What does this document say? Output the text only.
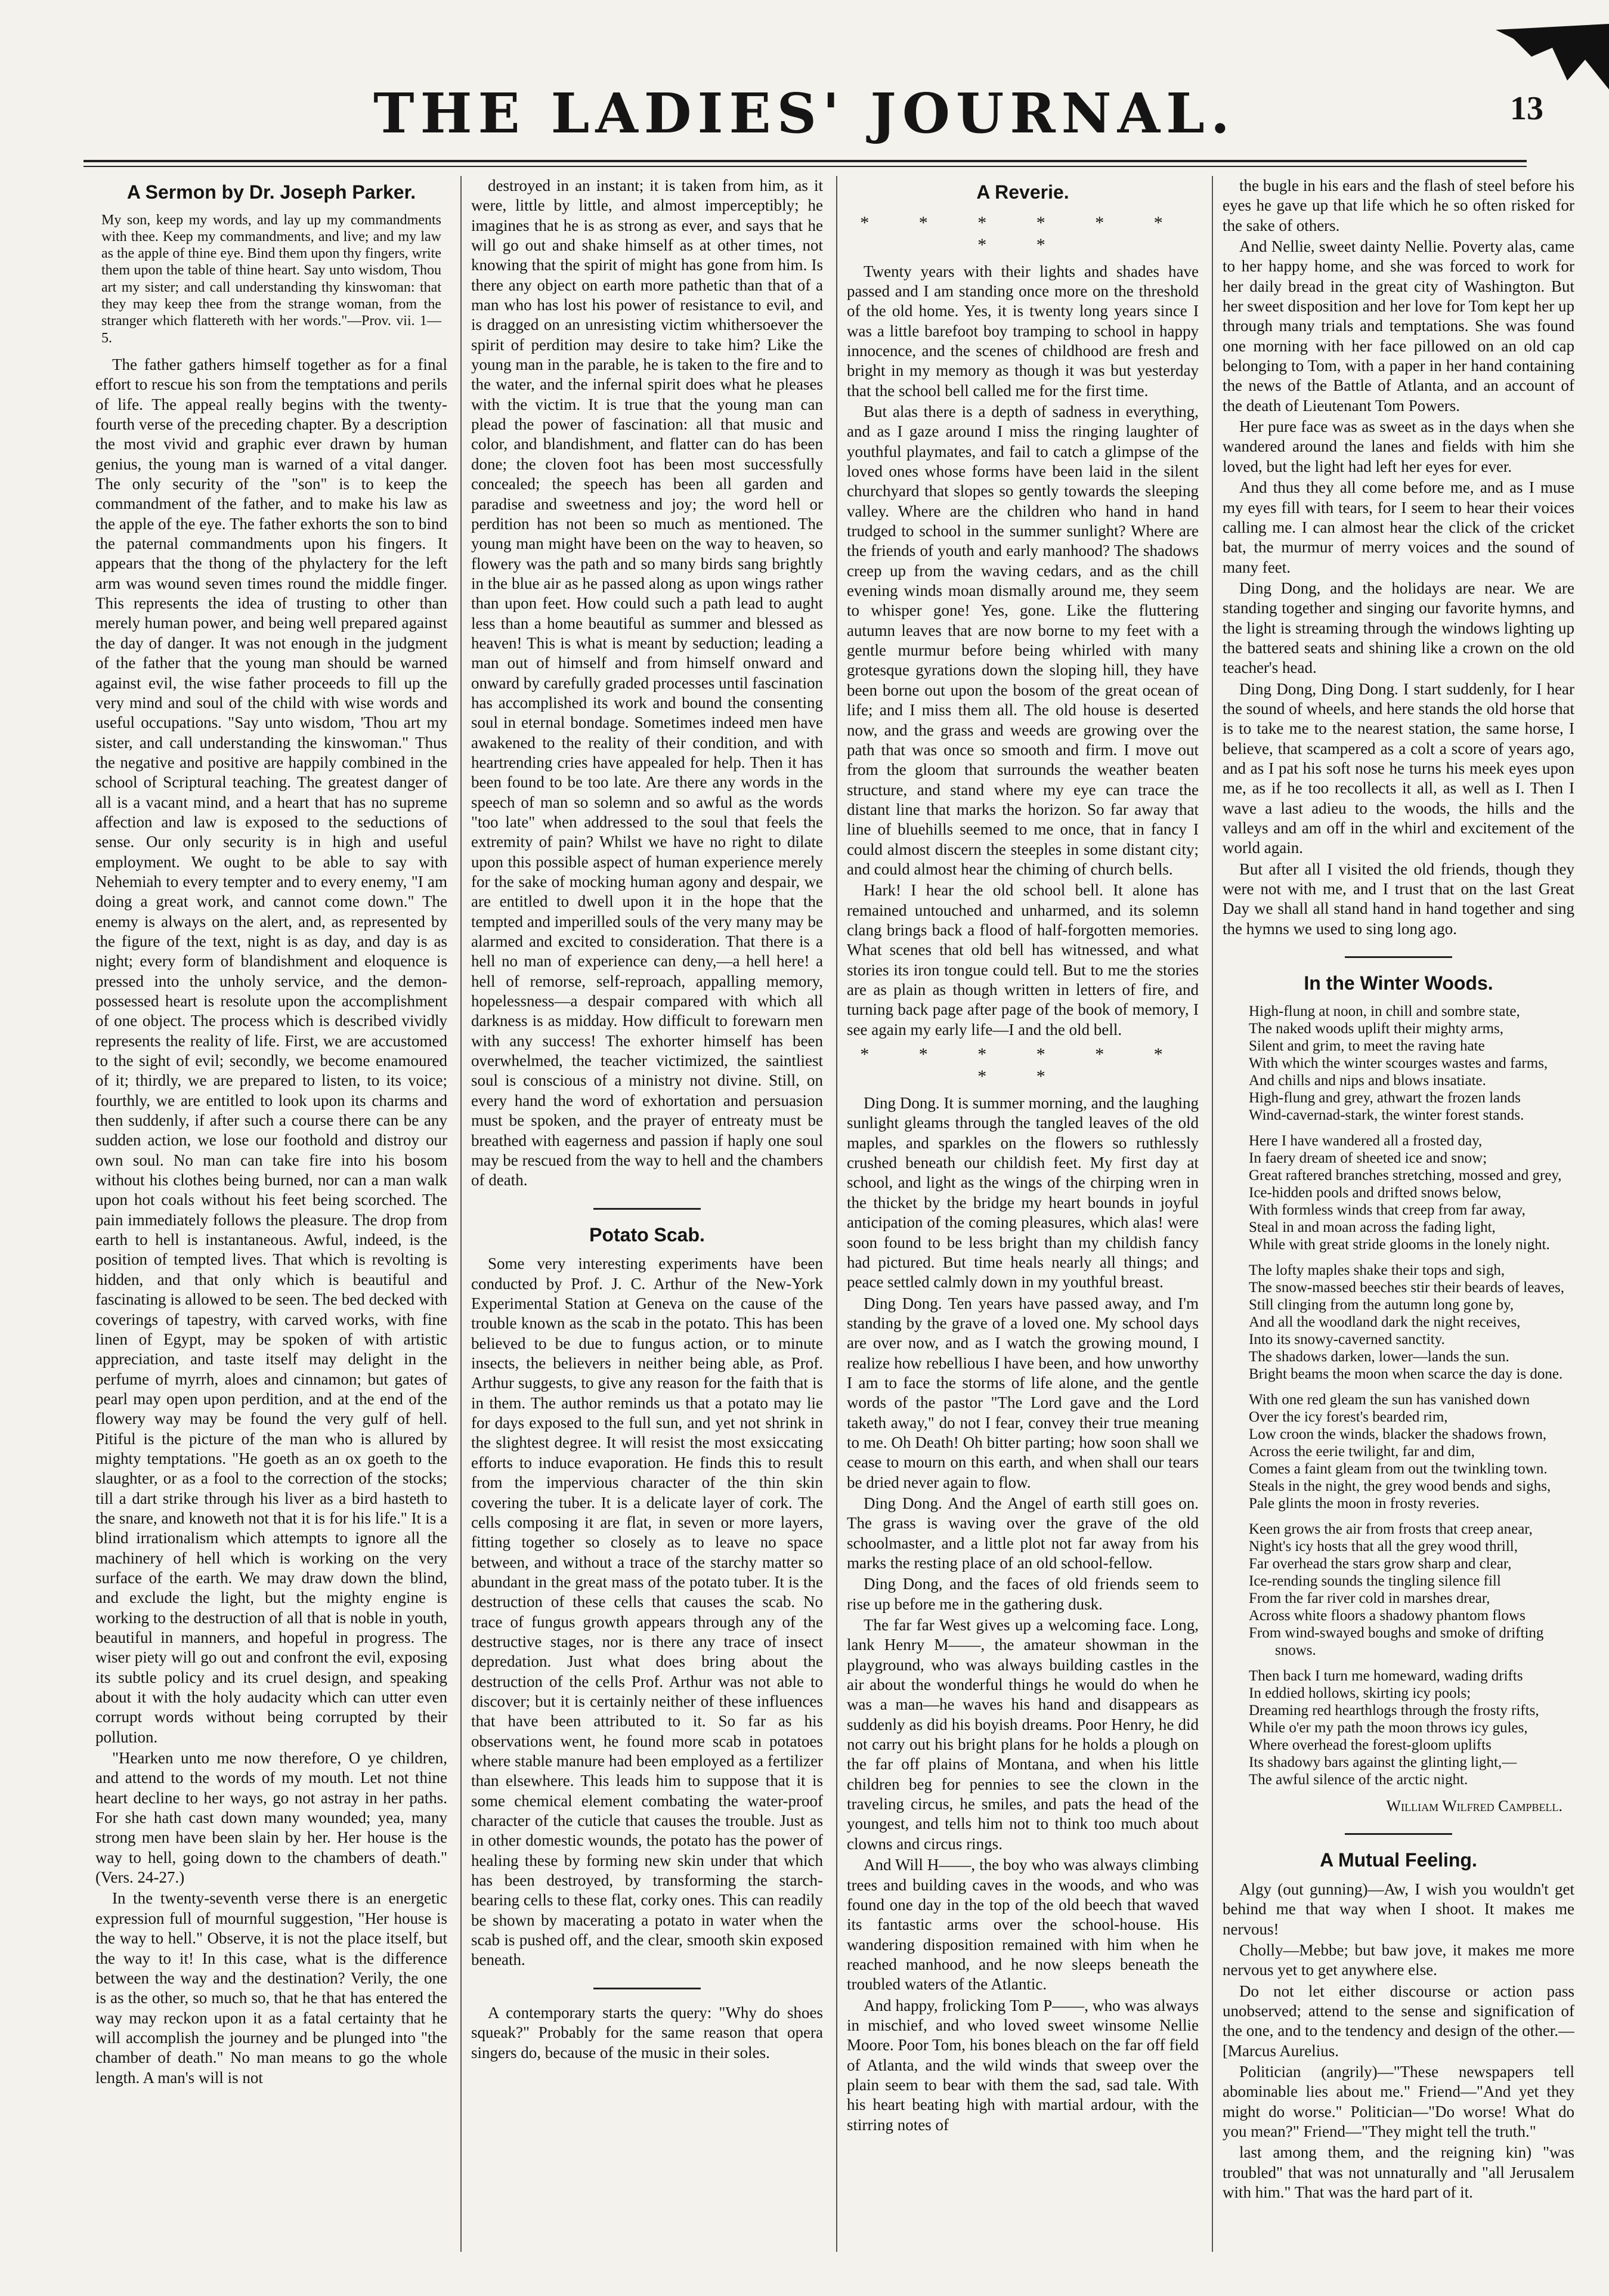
THE LADIES' JOURNAL.	13
A Sermon by Dr. Joseph Parker.

My son, keep my words, and lay up my commandments with thee. Keep my commandments, and live; and my law as the apple of thine eye. Bind them upon thy fingers, write them upon the table of thine heart. Say unto wisdom, Thou art my sister; and call understanding thy kinswoman: that they may keep thee from the strange woman, from the stranger which flattereth with her words."—Prov. vii. 1—5.

The father gathers himself together as for a final effort to rescue his son from the temptations and perils of life. The appeal really begins with the twenty-fourth verse of the preceding chapter. By a description the most vivid and graphic ever drawn by human genius, the young man is warned of a vital danger. The only security of the "son" is to keep the commandment of the father, and to make his law as the apple of the eye. The father exhorts the son to bind the paternal commandments upon his fingers. It appears that the thong of the phylactery for the left arm was wound seven times round the middle finger. This represents the idea of trusting to other than merely human power, and being well prepared against the day of danger. It was not enough in the judgment of the father that the young man should be warned against evil, the wise father proceeds to fill up the very mind and soul of the child with wise words and useful occupations. "Say unto wisdom, 'Thou art my sister, and call understanding the kinswoman." Thus the negative and positive are happily combined in the school of Scriptural teaching. The greatest danger of all is a vacant mind, and a heart that has no supreme affection and law is exposed to the seductions of sense. Our only security is in high and useful employment. We ought to be able to say with Nehemiah to every tempter and to every enemy, "I am doing a great work, and cannot come down." The enemy is always on the alert, and, as represented by the figure of the text, night is as day, and day is as night; every form of blandishment and eloquence is pressed into the unholy service, and the demon-possessed heart is resolute upon the accomplishment of one object. The process which is described vividly represents the reality of life. First, we are accustomed to the sight of evil; secondly, we become enamoured of it; thirdly, we are prepared to listen, to its voice; fourthly, we are entitled to look upon its charms and then suddenly, if after such a course there can be any sudden action, we lose our foothold and distroy our own soul. No man can take fire into his bosom without his clothes being burned, nor can a man walk upon hot coals without his feet being scorched. The pain immediately follows the pleasure. The drop from earth to hell is instantaneous. Awful, indeed, is the position of tempted lives. That which is revolting is hidden, and that only which is beautiful and fascinating is allowed to be seen. The bed decked with coverings of tapestry, with carved works, with fine linen of Egypt, may be spoken of with artistic appreciation, and taste itself may delight in the perfume of myrrh, aloes and cinnamon; but gates of pearl may open upon perdition, and at the end of the flowery way may be found the very gulf of hell. Pitiful is the picture of the man who is allured by mighty temptations. "He goeth as an ox goeth to the slaughter, or as a fool to the correction of the stocks; till a dart strike through his liver as a bird hasteth to the snare, and knoweth not that it is for his life." It is a blind irrationalism which attempts to ignore all the machinery of hell which is working on the very surface of the earth. We may draw down the blind, and exclude the light, but the mighty engine is working to the destruction of all that is noble in youth, beautiful in manners, and hopeful in progress. The wiser piety will go out and confront the evil, exposing its subtle policy and its cruel design, and speaking about it with the holy audacity which can utter even corrupt words without being corrupted by their pollution.

"Hearken unto me now therefore, O ye children, and attend to the words of my mouth. Let not thine heart decline to her ways, go not astray in her paths. For she hath cast down many wounded; yea, many strong men have been slain by her. Her house is the way to hell, going down to the chambers of death." (Vers. 24-27.)

In the twenty-seventh verse there is an energetic expression full of mournful suggestion, "Her house is the way to hell." Observe, it is not the place itself, but the way to it! In this case, what is the difference between the way and the destination? Verily, the one is as the other, so much so, that he that has entered the way may reckon upon it as a fatal certainty that he will accomplish the journey and be plunged into "the chamber of death." No man means to go the whole length. A man's will is not

destroyed in an instant; it is taken from him, as it were, little by little, and almost imperceptibly; he imagines that he is as strong as ever, and says that he will go out and shake himself as at other times, not knowing that the spirit of might has gone from him. Is there any object on earth more pathetic than that of a man who has lost his power of resistance to evil, and is dragged on an unresisting victim whithersoever the spirit of perdition may desire to take him? Like the young man in the parable, he is taken to the fire and to the water, and the infernal spirit does what he pleases with the victim. It is true that the young man can plead the power of fascination: all that music and color, and blandishment, and flatter can do has been done; the cloven foot has been most successfully concealed; the speech has been all garden and paradise and sweetness and joy; the word hell or perdition has not been so much as mentioned. The young man might have been on the way to heaven, so flowery was the path and so many birds sang brightly in the blue air as he passed along as upon wings rather than upon feet. How could such a path lead to aught less than a home beautiful as summer and blessed as heaven! This is what is meant by seduction; leading a man out of himself and from himself onward and onward by carefully graded processes until fascination has accomplished its work and bound the consenting soul in eternal bondage. Sometimes indeed men have awakened to the reality of their condition, and with heartrending cries have appealed for help. Then it has been found to be too late. Are there any words in the speech of man so solemn and so awful as the words "too late" when addressed to the soul that feels the extremity of pain? Whilst we have no right to dilate upon this possible aspect of human experience merely for the sake of mocking human agony and despair, we are entitled to dwell upon it in the hope that the tempted and imperilled souls of the very many may be alarmed and excited to consideration. That there is a hell no man of experience can deny,—a hell here! a hell of remorse, self-reproach, appalling memory, hopelessness—a despair compared with which all darkness is as midday. How difficult to forewarn men with any success! The exhorter himself has been overwhelmed, the teacher victimized, the saintliest soul is conscious of a ministry not divine. Still, on every hand the word of exhortation and persuasion must be spoken, and the prayer of entreaty must be breathed with eagerness and passion if haply one soul may be rescued from the way to hell and the chambers of death.

Potato Scab.

Some very interesting experiments have been conducted by Prof. J. C. Arthur of the New-York Experimental Station at Geneva on the cause of the trouble known as the scab in the potato. This has been believed to be due to fungus action, or to minute insects, the believers in neither being able, as Prof. Arthur suggests, to give any reason for the faith that is in them. The author reminds us that a potato may lie for days exposed to the full sun, and yet not shrink in the slightest degree. It will resist the most exsiccating efforts to induce evaporation. He finds this to result from the impervious character of the thin skin covering the tuber. It is a delicate layer of cork. The cells composing it are flat, in seven or more layers, fitting together so closely as to leave no space between, and without a trace of the starchy matter so abundant in the great mass of the potato tuber. It is the destruction of these cells that causes the scab. No trace of fungus growth appears through any of the destructive stages, nor is there any trace of insect depredation. Just what does bring about the destruction of the cells Prof. Arthur was not able to discover; but it is certainly neither of these influences that have been attributed to it. So far as his observations went, he found more scab in potatoes where stable manure had been employed as a fertilizer than elsewhere. This leads him to suppose that it is some chemical element combating the water-proof character of the cuticle that causes the trouble. Just as in other domestic wounds, the potato has the power of healing these by forming new skin under that which has been destroyed, by transforming the starch-bearing cells to these flat, corky ones. This can readily be shown by macerating a potato in water when the scab is pushed off, and the clear, smooth skin exposed beneath.

A contemporary starts the query: "Why do shoes squeak?" Probably for the same reason that opera singers do, because of the music in their soles.

A Reverie.
* * * * * * * *

Twenty years with their lights and shades have passed and I am standing once more on the threshold of the old home. Yes, it is twenty long years since I was a little barefoot boy tramping to school in happy innocence, and the scenes of childhood are fresh and bright in my memory as though it was but yesterday that the school bell called me for the first time.

But alas there is a depth of sadness in everything, and as I gaze around I miss the ringing laughter of youthful playmates, and fail to catch a glimpse of the loved ones whose forms have been laid in the silent churchyard that slopes so gently towards the sleeping valley. Where are the children who hand in hand trudged to school in the summer sunlight? Where are the friends of youth and early manhood? The shadows creep up from the waving cedars, and as the chill evening winds moan dismally around me, they seem to whisper gone! Yes, gone. Like the fluttering autumn leaves that are now borne to my feet with a gentle murmur before being whirled with many grotesque gyrations down the sloping hill, they have been borne out upon the bosom of the great ocean of life; and I miss them all. The old house is deserted now, and the grass and weeds are growing over the path that was once so smooth and firm. I move out from the gloom that surrounds the weather beaten structure, and stand where my eye can trace the distant line that marks the horizon. So far away that line of bluehills seemed to me once, that in fancy I could almost discern the steeples in some distant city; and could almost hear the chiming of church bells.

Hark! I hear the old school bell. It alone has remained untouched and unharmed, and its solemn clang brings back a flood of half-forgotten memories. What scenes that old bell has witnessed, and what stories its iron tongue could tell. But to me the stories are as plain as though written in letters of fire, and turning back page after page of the book of memory, I see again my early life—I and the old bell.

* * * * * * * *

Ding Dong. It is summer morning, and the laughing sunlight gleams through the tangled leaves of the old maples, and sparkles on the flowers so ruthlessly crushed beneath our childish feet. My first day at school, and light as the wings of the chirping wren in the thicket by the bridge my heart bounds in joyful anticipation of the coming pleasures, which alas! were soon found to be less bright than my childish fancy had pictured. But time heals nearly all things; and peace settled calmly down in my youthful breast.

Ding Dong. Ten years have passed away, and I'm standing by the grave of a loved one. My school days are over now, and as I watch the growing mound, I realize how rebellious I have been, and how unworthy I am to face the storms of life alone, and the gentle words of the pastor "The Lord gave and the Lord taketh away," do not I fear, convey their true meaning to me. Oh Death! Oh bitter parting; how soon shall we cease to mourn on this earth, and when shall our tears be dried never again to flow.

Ding Dong. And the Angel of earth still goes on. The grass is waving over the grave of the old schoolmaster, and a little plot not far away from his marks the resting place of an old school-fellow.

Ding Dong, and the faces of old friends seem to rise up before me in the gathering dusk.

The far far West gives up a welcoming face. Long, lank Henry M——, the amateur showman in the playground, who was always building castles in the air about the wonderful things he would do when he was a man—he waves his hand and disappears as suddenly as did his boyish dreams. Poor Henry, he did not carry out his bright plans for he holds a plough on the far off plains of Montana, and when his little children beg for pennies to see the clown in the traveling circus, he smiles, and pats the head of the youngest, and tells him not to think too much about clowns and circus rings.

And Will H——, the boy who was always climbing trees and building caves in the woods, and who was found one day in the top of the old beech that waved its fantastic arms over the school-house. His wandering disposition remained with him when he reached manhood, and he now sleeps beneath the troubled waters of the Atlantic.

And happy, frolicking Tom P——, who was always in mischief, and who loved sweet winsome Nellie Moore. Poor Tom, his bones bleach on the far off field of Atlanta, and the wild winds that sweep over the plain seem to bear with them the sad, sad tale. With his heart beating high with martial ardour, with the stirring notes of

the bugle in his ears and the flash of steel before his eyes he gave up that life which he so often risked for the sake of others.

And Nellie, sweet dainty Nellie. Poverty alas, came to her happy home, and she was forced to work for her daily bread in the great city of Washington. But her sweet disposition and her love for Tom kept her up through many trials and temptations. She was found one morning with her face pillowed on an old cap belonging to Tom, with a paper in her hand containing the news of the Battle of Atlanta, and an account of the death of Lieutenant Tom Powers.

Her pure face was as sweet as in the days when she wandered around the lanes and fields with him she loved, but the light had left her eyes for ever.

And thus they all come before me, and as I muse my eyes fill with tears, for I seem to hear their voices calling me. I can almost hear the click of the cricket bat, the murmur of merry voices and the sound of many feet.

Ding Dong, and the holidays are near. We are standing together and singing our favorite hymns, and the light is streaming through the windows lighting up the battered seats and shining like a crown on the old teacher's head.

Ding Dong, Ding Dong. I start suddenly, for I hear the sound of wheels, and here stands the old horse that is to take me to the nearest station, the same horse, I believe, that scampered as a colt a score of years ago, and as I pat his soft nose he turns his meek eyes upon me, as if he too recollects it all, as well as I. Then I wave a last adieu to the woods, the hills and the valleys and am off in the whirl and excitement of the world again.

But after all I visited the old friends, though they were not with me, and I trust that on the last Great Day we shall all stand hand in hand together and sing the hymns we used to sing long ago.

In the Winter Woods.
High-flung at noon, in chill and sombre state,
The naked woods uplift their mighty arms,
Silent and grim, to meet the raving hate
With which the winter scourges wastes and farms,
And chills and nips and blows insatiate.
High-flung and grey, athwart the frozen lands
Wind-cavernad-stark, the winter forest stands.
Here I have wandered all a frosted day,
In faery dream of sheeted ice and snow;
Great raftered branches stretching, mossed and grey,
Ice-hidden pools and drifted snows below,
With formless winds that creep from far away,
Steal in and moan across the fading light,
While with great stride glooms in the lonely night.
The lofty maples shake their tops and sigh,
The snow-massed beeches stir their beards of leaves,
Still clinging from the autumn long gone by,
And all the woodland dark the night receives,
Into its snowy-caverned sanctity.
The shadows darken, lower—lands the sun.
Bright beams the moon when scarce the day is done.
With one red gleam the sun has vanished down
Over the icy forest's bearded rim,
Low croon the winds, blacker the shadows frown,
Across the eerie twilight, far and dim,
Comes a faint gleam from out the twinkling town.
Steals in the night, the grey wood bends and sighs,
Pale glints the moon in frosty reveries.
Keen grows the air from frosts that creep anear,
Night's icy hosts that all the grey wood thrill,
Far overhead the stars grow sharp and clear,
Ice-rending sounds the tingling silence fill
From the far river cold in marshes drear,
Across white floors a shadowy phantom flows
From wind-swayed boughs and smoke of drifting snows.
Then back I turn me homeward, wading drifts
In eddied hollows, skirting icy pools;
Dreaming red hearthlogs through the frosty rifts,
While o'er my path the moon throws icy gules,
Where overhead the forest-gloom uplifts
Its shadowy bars against the glinting light,—
The awful silence of the arctic night.
William Wilfred Campbell.
A Mutual Feeling.

Algy (out gunning)—Aw, I wish you wouldn't get behind me that way when I shoot. It makes me nervous!

Cholly—Mebbe; but baw jove, it makes me more nervous yet to get anywhere else.

Do not let either discourse or action pass unobserved; attend to the sense and signification of the one, and to the tendency and design of the other.—[Marcus Aurelius.

Politician (angrily)—"These newspapers tell abominable lies about me." Friend—"And yet they might do worse." Politician—"Do worse! What do you mean?" Friend—"They might tell the truth."

last among them, and the reigning kin) "was troubled" that was not unnaturally and "all Jerusalem with him." That was the hard part of it.
